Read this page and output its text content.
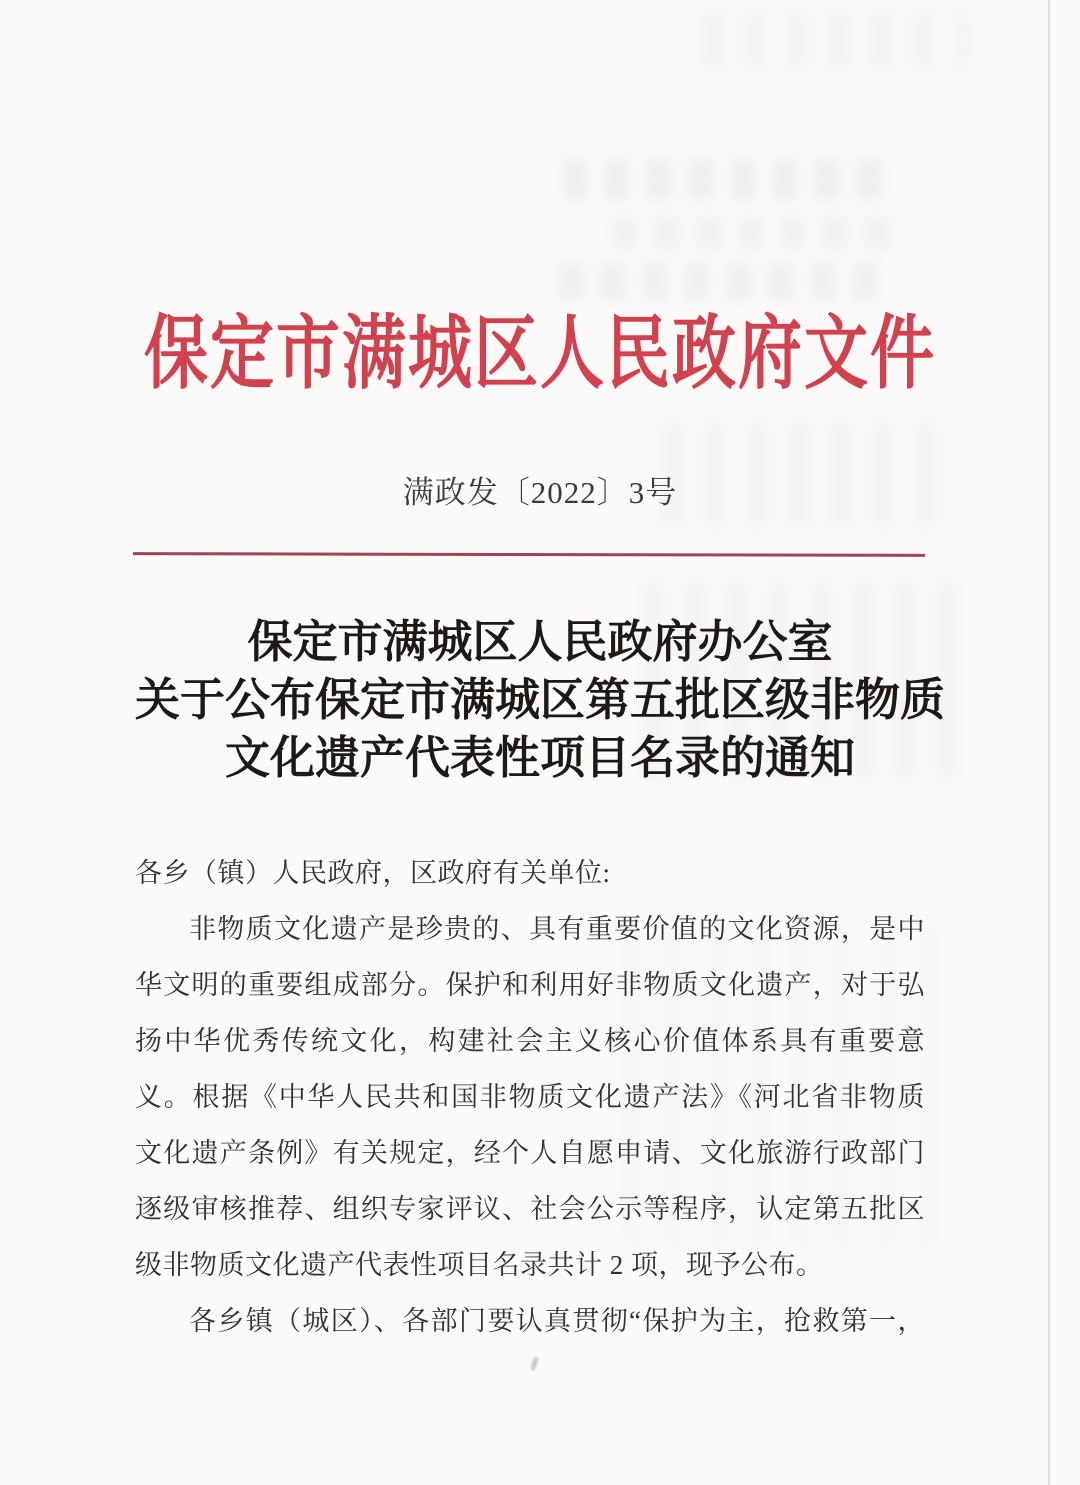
保定市满城区人民政府文件
满政发〔2022〕3号

保定市满城区人民政府办公室

关于公布保定市满城区第五批区级非物质

文化遗产代表性项目名录的通知

各乡（镇）人民政府，区政府有关单位:

非物质文化遗产是珍贵的、具有重要价值的文化资源，是中

华文明的重要组成部分。保护和利用好非物质文化遗产，对于弘

扬中华优秀传统文化，构建社会主义核心价值体系具有重要意

义。根据《中华人民共和国非物质文化遗产法》《河北省非物质

文化遗产条例》有关规定，经个人自愿申请、文化旅游行政部门

逐级审核推荐、组织专家评议、社会公示等程序，认定第五批区

级非物质文化遗产代表性项目名录共计 2 项，现予公布。

各乡镇（城区）、各部门要认真贯彻“保护为主，抢救第一，
